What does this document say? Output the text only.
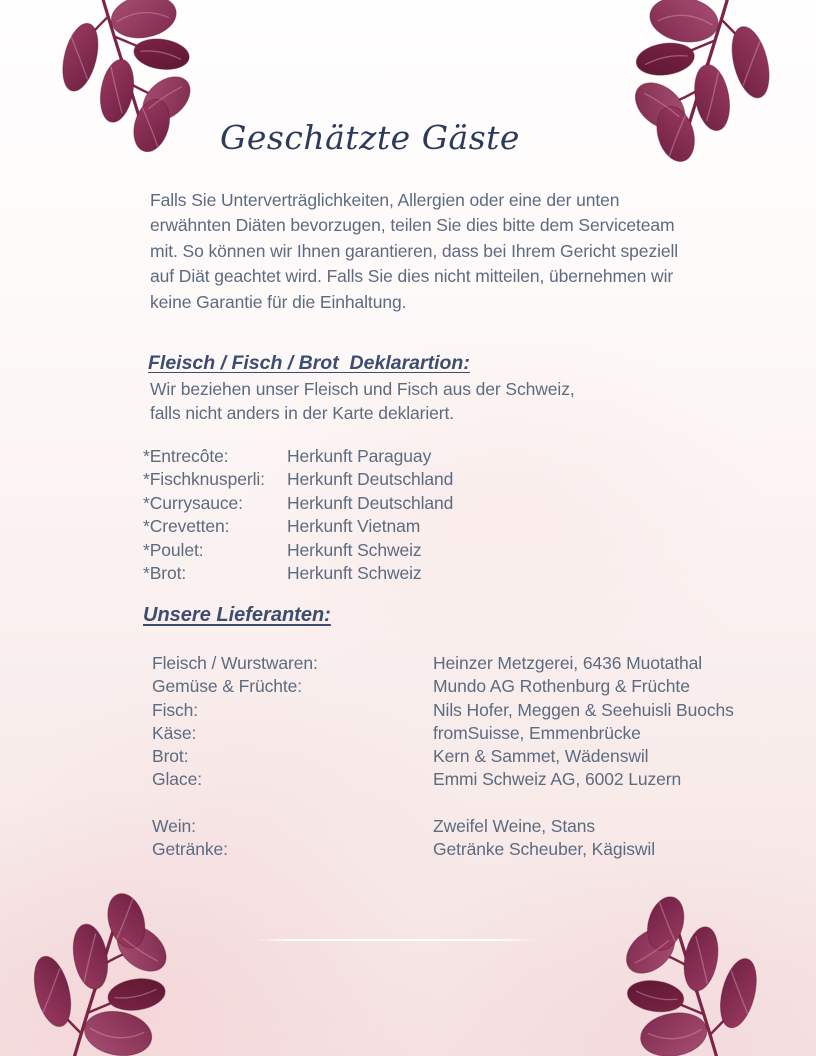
Geschätzte Gäste
Falls Sie Unterverträglichkeiten, Allergien oder eine der unten
erwähnten Diäten bevorzugen, teilen Sie dies bitte dem Serviceteam
mit. So können wir Ihnen garantieren, dass bei Ihrem Gericht speziell
auf Diät geachtet wird. Falls Sie dies nicht mitteilen, übernehmen wir
keine Garantie für die Einhaltung.
Fleisch / Fisch / Brot  Deklarartion:
Wir beziehen unser Fleisch und Fisch aus der Schweiz,
falls nicht anders in der Karte deklariert.
*Entrecôte:	Herkunft Paraguay
*Fischknusperli:	Herkunft Deutschland
*Currysauce:	Herkunft Deutschland
*Crevetten:	Herkunft Vietnam
*Poulet:	Herkunft Schweiz
*Brot:	Herkunft Schweiz
Unsere Lieferanten:
Fleisch / Wurstwaren:	Heinzer Metzgerei, 6436 Muotathal
Gemüse & Früchte:	Mundo AG Rothenburg & Früchte
Fisch:	Nils Hofer, Meggen & Seehuisli Buochs
Käse:	fromSuisse, Emmenbrücke
Brot:	Kern & Sammet, Wädenswil
Glace:	Emmi Schweiz AG, 6002 Luzern
Wein:	Zweifel Weine, Stans
Getränke:	Getränke Scheuber, Kägiswil
